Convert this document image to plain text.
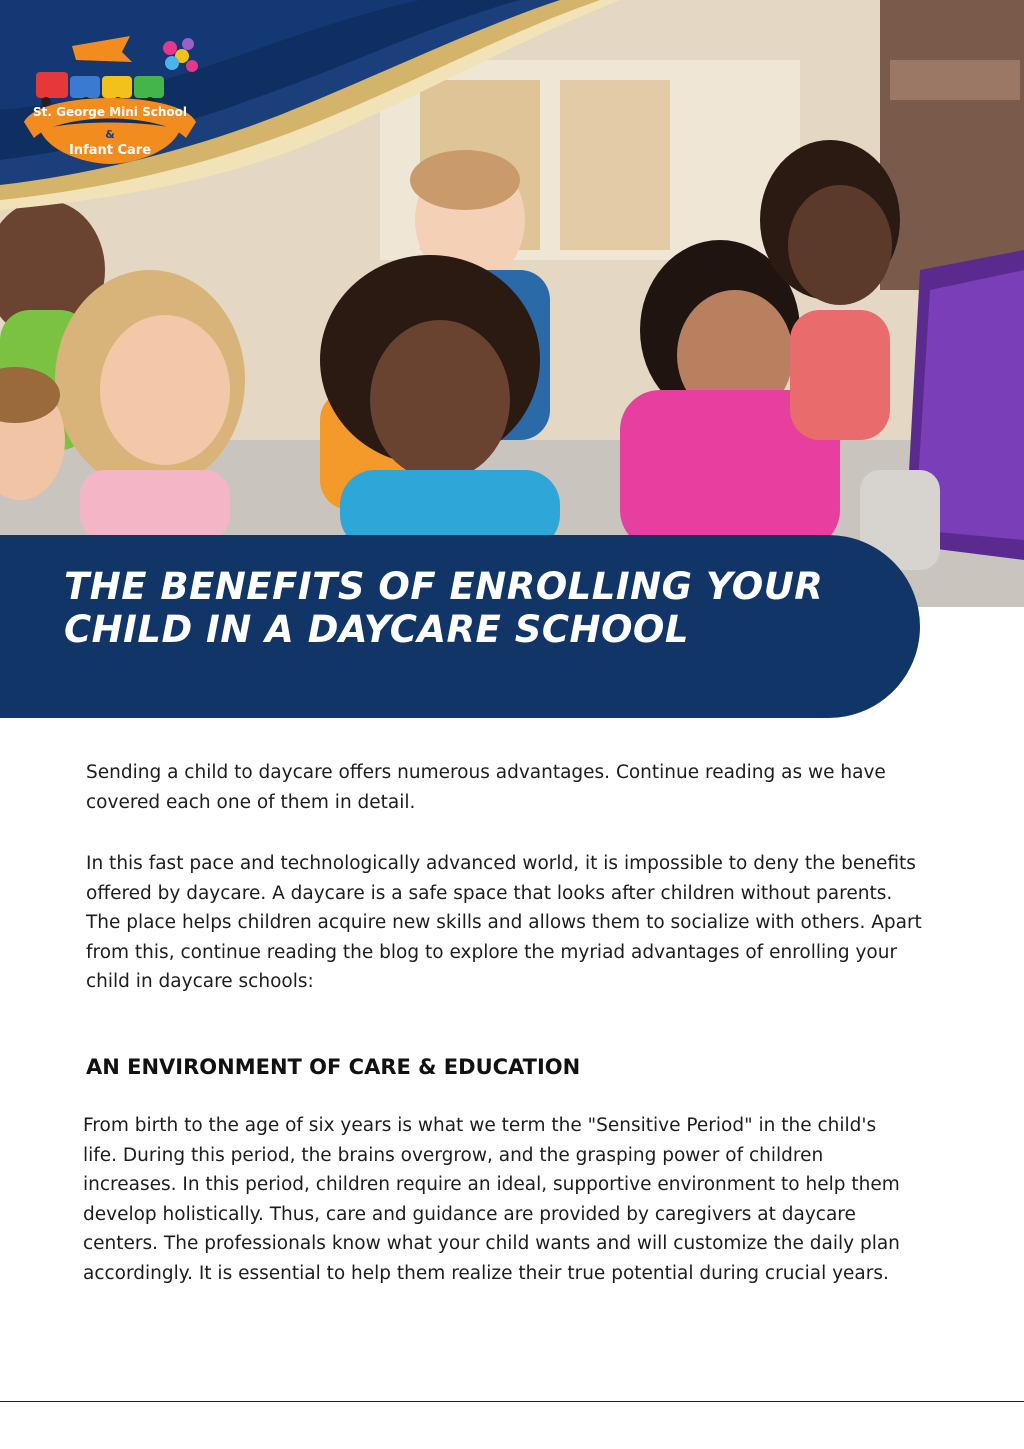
St. George Mini School
&
Infant Care
THE BENEFITS OF ENROLLING YOUR CHILD IN A DAYCARE SCHOOL

Sending a child to daycare offers numerous advantages. Continue reading as we have covered each one of them in detail.

In this fast pace and technologically advanced world, it is impossible to deny the benefits offered by daycare. A daycare is a safe space that looks after children without parents. The place helps children acquire new skills and allows them to socialize with others. Apart from this, continue reading the blog to explore the myriad advantages of enrolling your child in daycare schools:

AN ENVIRONMENT OF CARE & EDUCATION

From birth to the age of six years is what we term the "Sensitive Period" in the child's life. During this period, the brains overgrow, and the grasping power of children increases. In this period, children require an ideal, supportive environment to help them develop holistically. Thus, care and guidance are provided by caregivers at daycare centers. The professionals know what your child wants and will customize the daily plan accordingly. It is essential to help them realize their true potential during crucial years.
